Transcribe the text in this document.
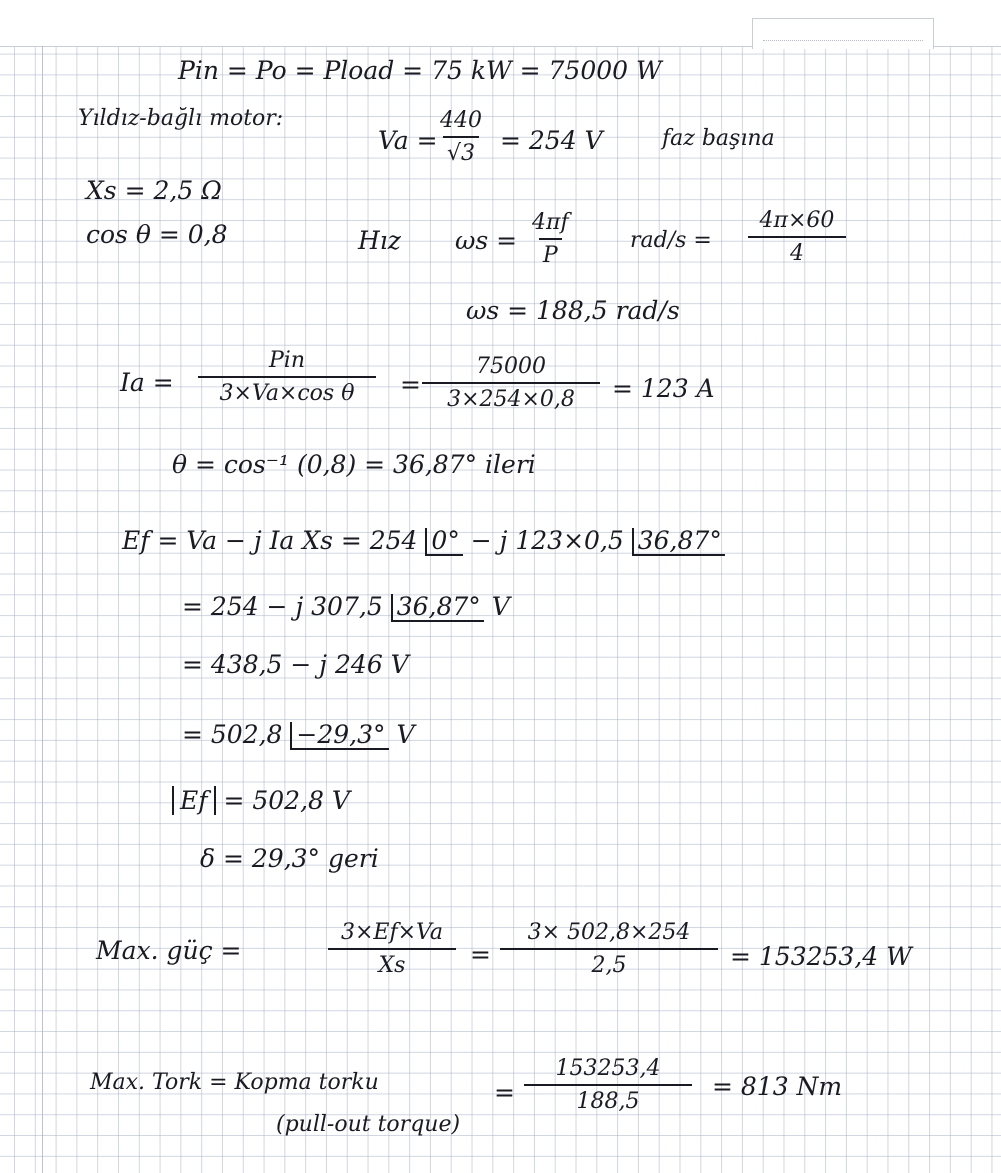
Pin = Po = Pload = 75 kW = 75000 W
Yıldız-bağlı motor:
Va =
$\frac{440}{√3} = 254$ V	faz başına
Xs = 2,5 Ω
cos θ = 0,8	Hız $\omega s = \frac{4\pi f}{P}$	$rad/s = \frac{4\pi\times 60}{4}$
ωs = 188,5 rad/s
Ia =
Pin
3×Va×cos θ	= $\frac{75000}{3\times 254\times 0,8} = 123$ A
θ = cos⁻¹ (0,8) = 36,87° ileri
Ef = Va − j Ia Xs = 254 0° − j 123×0,5 36,87°
= 254 − j 307,5 36,87° V
= 438,5 − j 246 V
= 502,8 −29,3° V
Ef = 502,8 V
δ = 29,3° geri
Max. güç =	$\frac{3\times Ef\times Va}{Xs} = \frac{3\times 502,8\times 254}{2,5} = 153253,4$ W
Max. Tork = Kopma torku
(pull-out torque)
= $\frac{153253,4}{188,5} = 813$ Nm
